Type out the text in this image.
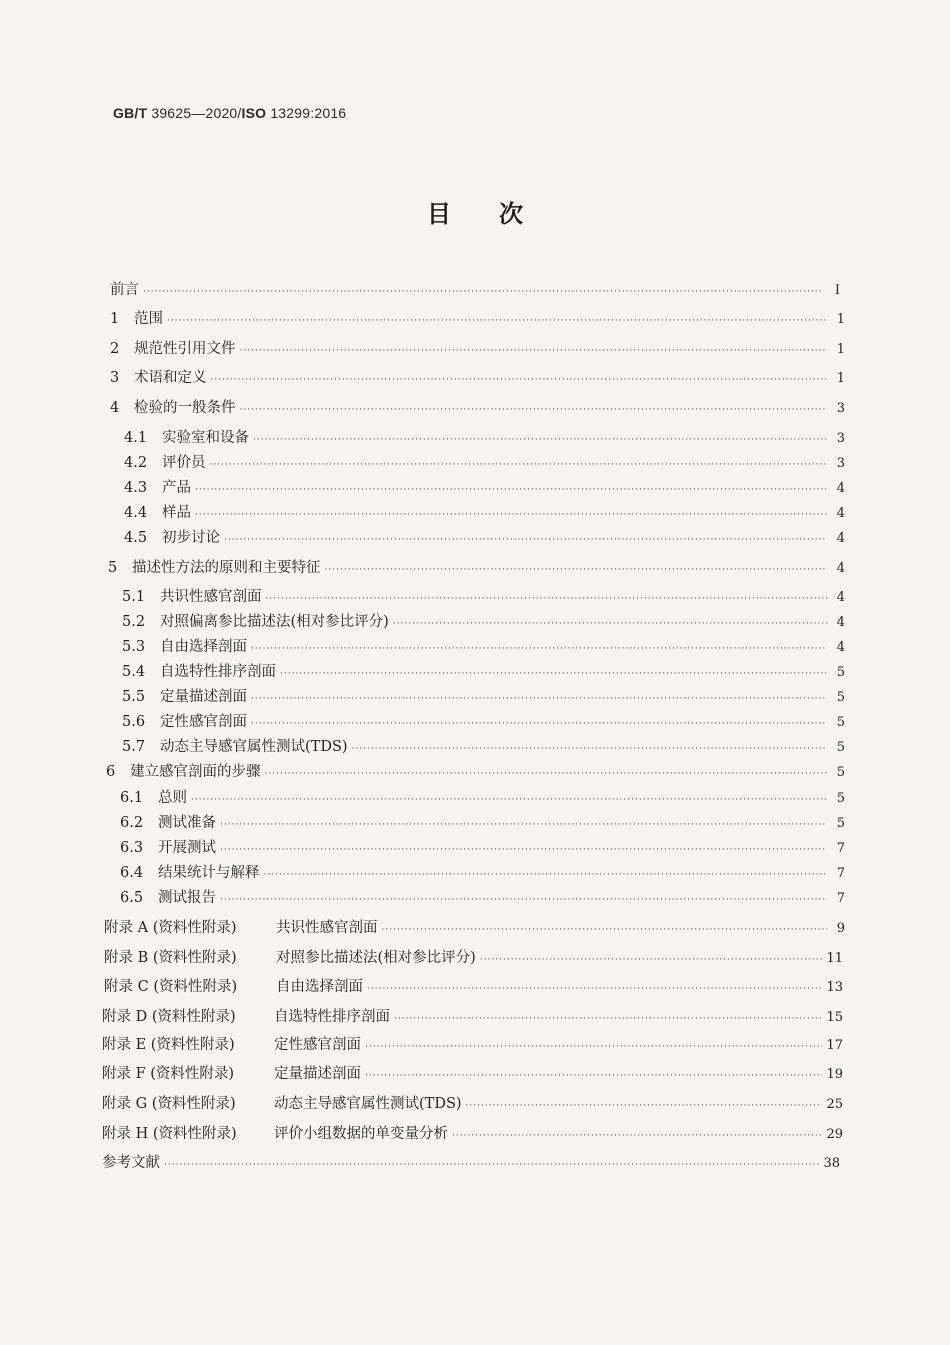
GB/T 39625—2020/ISO 13299:2016
目次
前言 ·····	I
1	范围 ·····	1
2	规范性引用文件 ·····	1
3	术语和定义 ·····	1
4	检验的一般条件 ·····	3
4.1	实验室和设备 ·····	3
4.2	评价员 ·····	3
4.3	产品 ·····	4
4.4	样品 ·····	4
4.5	初步讨论 ·····	4
5	描述性方法的原则和主要特征 ·····	4
5.1	共识性感官剖面 ·····	4
5.2	对照偏离参比描述法(相对参比评分) ·····	4
5.3	自由选择剖面 ·····	4
5.4	自选特性排序剖面 ·····	5
5.5	定量描述剖面 ·····	5
5.6	定性感官剖面 ·····	5
5.7	动态主导感官属性测试(TDS) ·····	5
6	建立感官剖面的步骤 ·····	5
6.1	总则 ·····	5
6.2	测试准备 ·····	5
6.3	开展测试 ·····	7
6.4	结果统计与解释 ·····	7
6.5	测试报告 ·····	7
附录 A (资料性附录)	共识性感官剖面 ·····	9
附录 B (资料性附录)	对照参比描述法(相对参比评分) ·····	11
附录 C (资料性附录)	自由选择剖面 ·····	13
附录 D (资料性附录)	自选特性排序剖面 ·····	15
附录 E (资料性附录)	定性感官剖面 ·····	17
附录 F (资料性附录)	定量描述剖面 ·····	19
附录 G (资料性附录)	动态主导感官属性测试(TDS) ·····	25
附录 H (资料性附录)	评价小组数据的单变量分析 ·····	29
参考文献 ·····	38
